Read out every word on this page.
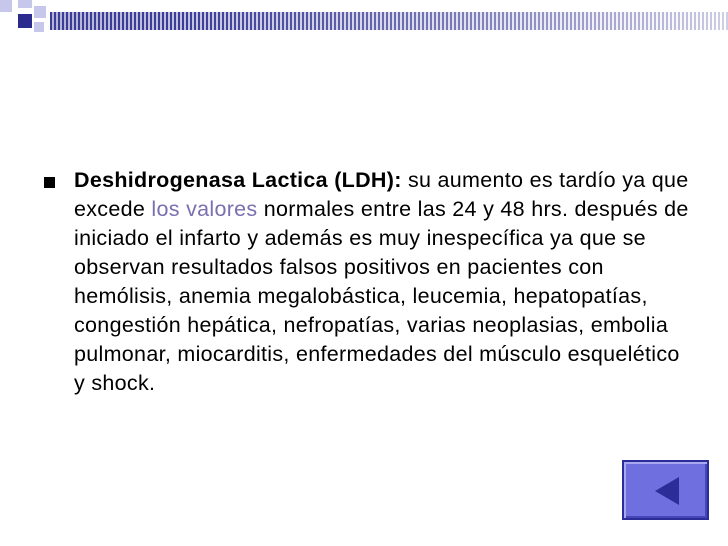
Deshidrogenasa Lactica (LDH): su aumento es tardío ya que excede los valores normales entre las 24 y 48 hrs. después de iniciado el infarto y además es muy inespecífica ya que se observan resultados falsos positivos en pacientes con hemólisis, anemia megalobástica, leucemia, hepatopatías, congestión hepática, nefropatías, varias neoplasias, embolia pulmonar, miocarditis, enfermedades del músculo esquelético y shock.
